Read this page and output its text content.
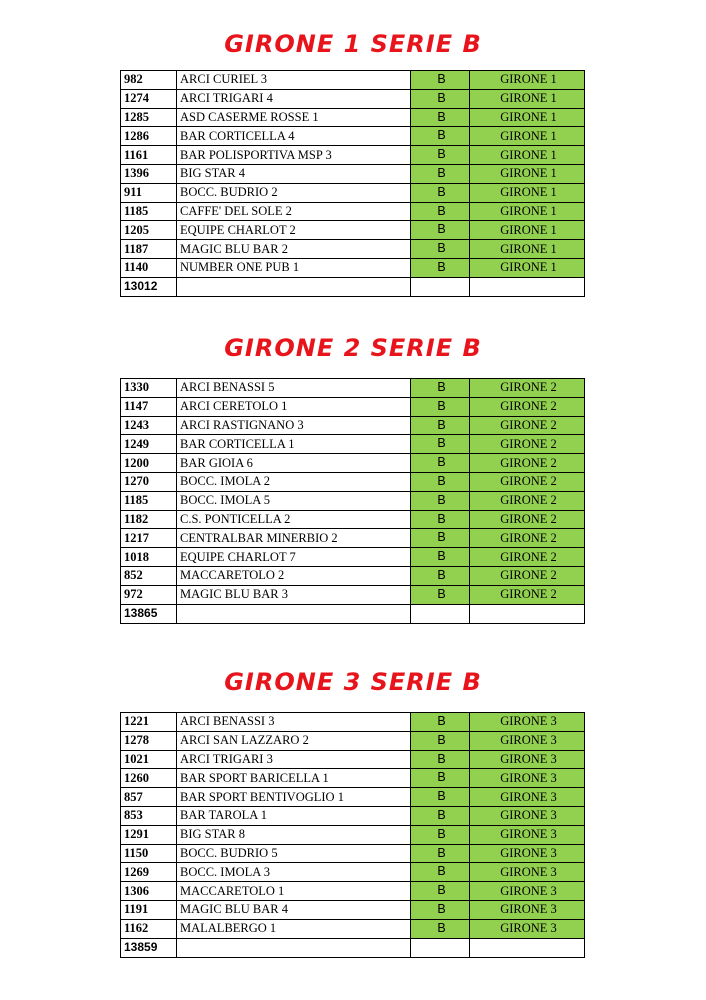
GIRONE 1 SERIE B
982	ARCI CURIEL 3	B	GIRONE 1
1274	ARCI TRIGARI 4	B	GIRONE 1
1285	ASD CASERME ROSSE 1	B	GIRONE 1
1286	BAR CORTICELLA 4	B	GIRONE 1
1161	BAR POLISPORTIVA MSP 3	B	GIRONE 1
1396	BIG STAR 4	B	GIRONE 1
911	BOCC. BUDRIO 2	B	GIRONE 1
1185	CAFFE' DEL SOLE 2	B	GIRONE 1
1205	EQUIPE CHARLOT 2	B	GIRONE 1
1187	MAGIC BLU BAR 2	B	GIRONE 1
1140	NUMBER ONE PUB 1	B	GIRONE 1
13012			
GIRONE 2 SERIE B
1330	ARCI BENASSI 5	B	GIRONE 2
1147	ARCI CERETOLO 1	B	GIRONE 2
1243	ARCI RASTIGNANO 3	B	GIRONE 2
1249	BAR CORTICELLA 1	B	GIRONE 2
1200	BAR GIOIA 6	B	GIRONE 2
1270	BOCC. IMOLA 2	B	GIRONE 2
1185	BOCC. IMOLA 5	B	GIRONE 2
1182	C.S. PONTICELLA 2	B	GIRONE 2
1217	CENTRALBAR MINERBIO 2	B	GIRONE 2
1018	EQUIPE CHARLOT 7	B	GIRONE 2
852	MACCARETOLO 2	B	GIRONE 2
972	MAGIC BLU BAR 3	B	GIRONE 2
13865			
GIRONE 3 SERIE B
1221	ARCI BENASSI 3	B	GIRONE 3
1278	ARCI SAN LAZZARO 2	B	GIRONE 3
1021	ARCI TRIGARI 3	B	GIRONE 3
1260	BAR SPORT BARICELLA 1	B	GIRONE 3
857	BAR SPORT BENTIVOGLIO 1	B	GIRONE 3
853	BAR TAROLA 1	B	GIRONE 3
1291	BIG STAR 8	B	GIRONE 3
1150	BOCC. BUDRIO 5	B	GIRONE 3
1269	BOCC. IMOLA 3	B	GIRONE 3
1306	MACCARETOLO 1	B	GIRONE 3
1191	MAGIC BLU BAR 4	B	GIRONE 3
1162	MALALBERGO 1	B	GIRONE 3
13859			
